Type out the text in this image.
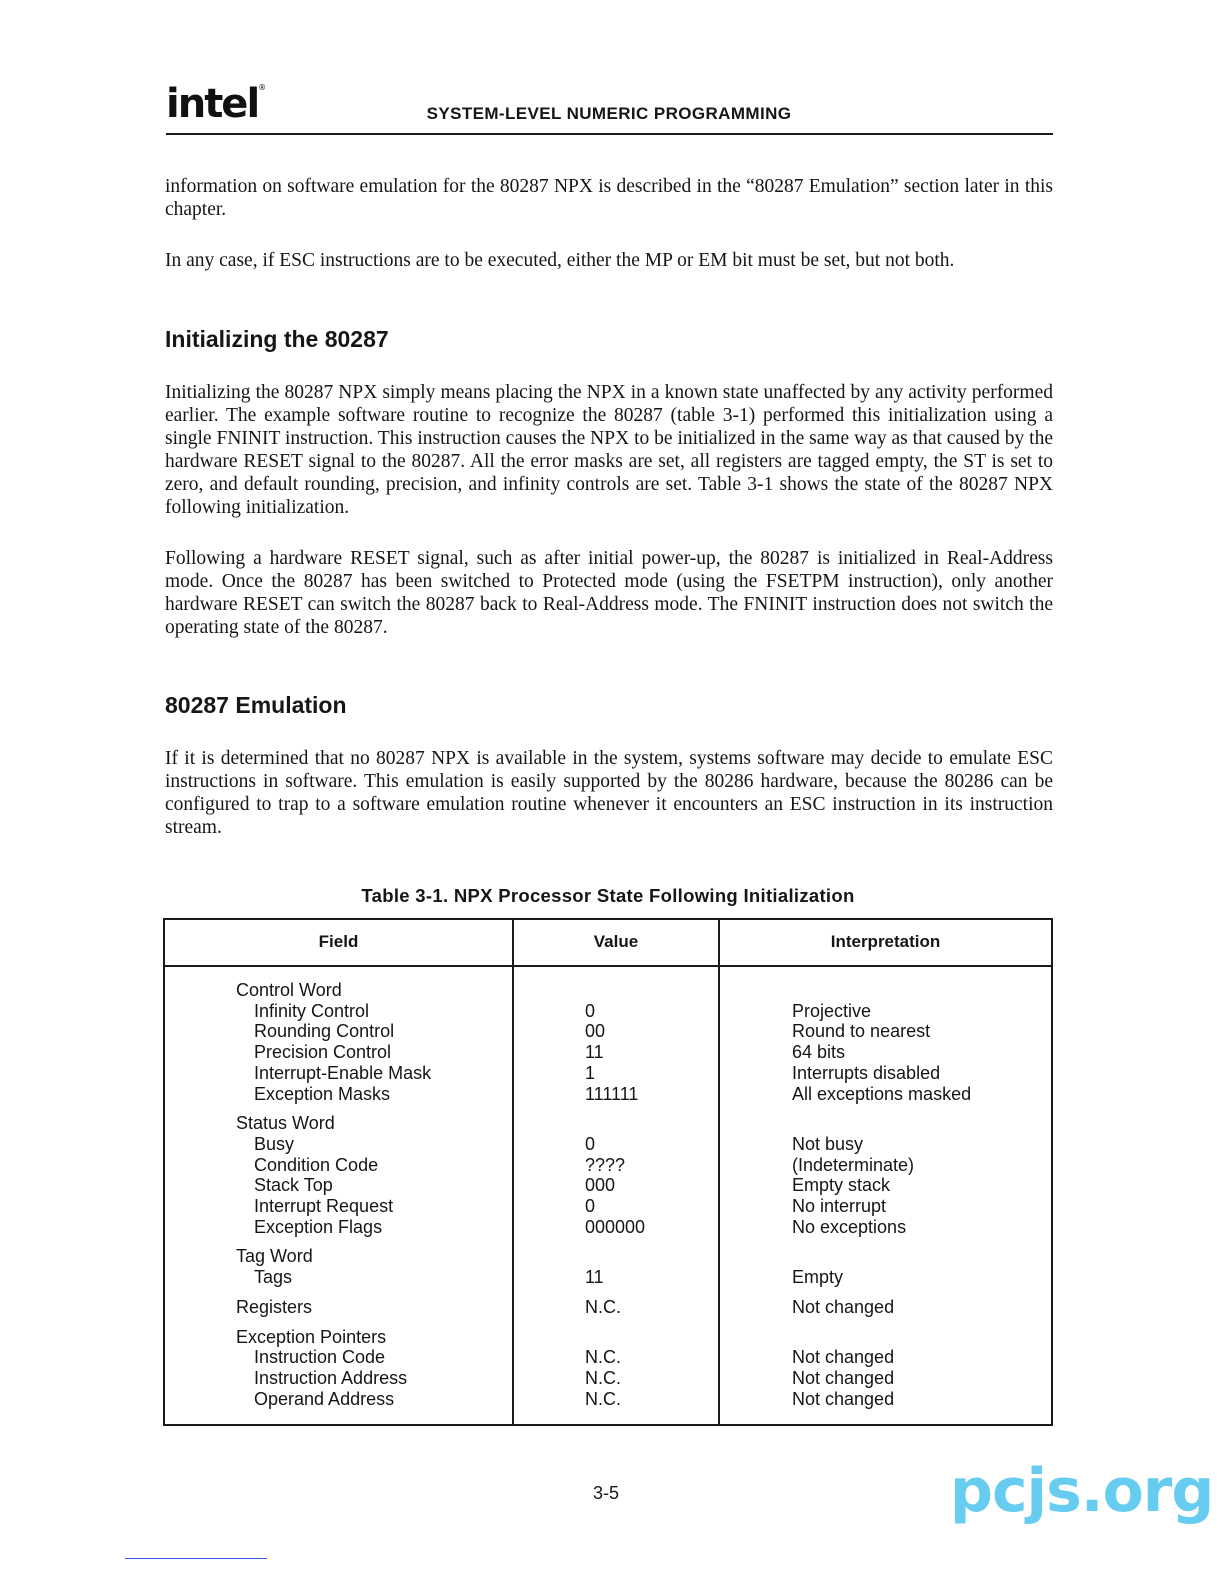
intel®
SYSTEM-LEVEL NUMERIC PROGRAMMING

information on software emulation for the 80287 NPX is described in the “80287 Emulation” section later in this chapter.

In any case, if ESC instructions are to be executed, either the MP or EM bit must be set, but not both.

Initializing the 80287

Initializing the 80287 NPX simply means placing the NPX in a known state unaffected by any activity performed earlier. The example software routine to recognize the 80287 (table 3-1) performed this initialization using a single FNINIT instruction. This instruction causes the NPX to be initialized in the same way as that caused by the hardware RESET signal to the 80287. All the error masks are set, all registers are tagged empty, the ST is set to zero, and default rounding, precision, and infinity controls are set. Table 3-1 shows the state of the 80287 NPX following initialization.

Following a hardware RESET signal, such as after initial power-up, the 80287 is initialized in Real-Address mode. Once the 80287 has been switched to Protected mode (using the FSETPM instruction), only another hardware RESET can switch the 80287 back to Real-Address mode. The FNINIT instruction does not switch the operating state of the 80287.

80287 Emulation

If it is determined that no 80287 NPX is available in the system, systems software may decide to emulate ESC instructions in software. This emulation is easily supported by the 80286 hardware, because the 80286 can be configured to trap to a software emulation routine whenever it encounters an ESC instruction in its instruction stream.

Table 3-1. NPX Processor State Following Initialization
Field	Value	Interpretation
Control Word
Infinity Control	0	Projective
Rounding Control	00	Round to nearest
Precision Control	11	64 bits
Interrupt-Enable Mask	1	Interrupts disabled
Exception Masks	111111	All exceptions masked
Status Word
Busy	0	Not busy
Condition Code	????	(Indeterminate)
Stack Top	000	Empty stack
Interrupt Request	0	No interrupt
Exception Flags	000000	No exceptions
Tag Word
Tags	11	Empty
Registers	N.C.	Not changed
Exception Pointers
Instruction Code	N.C.	Not changed
Instruction Address	N.C.	Not changed
Operand Address	N.C.	Not changed
3-5	pcjs.org
